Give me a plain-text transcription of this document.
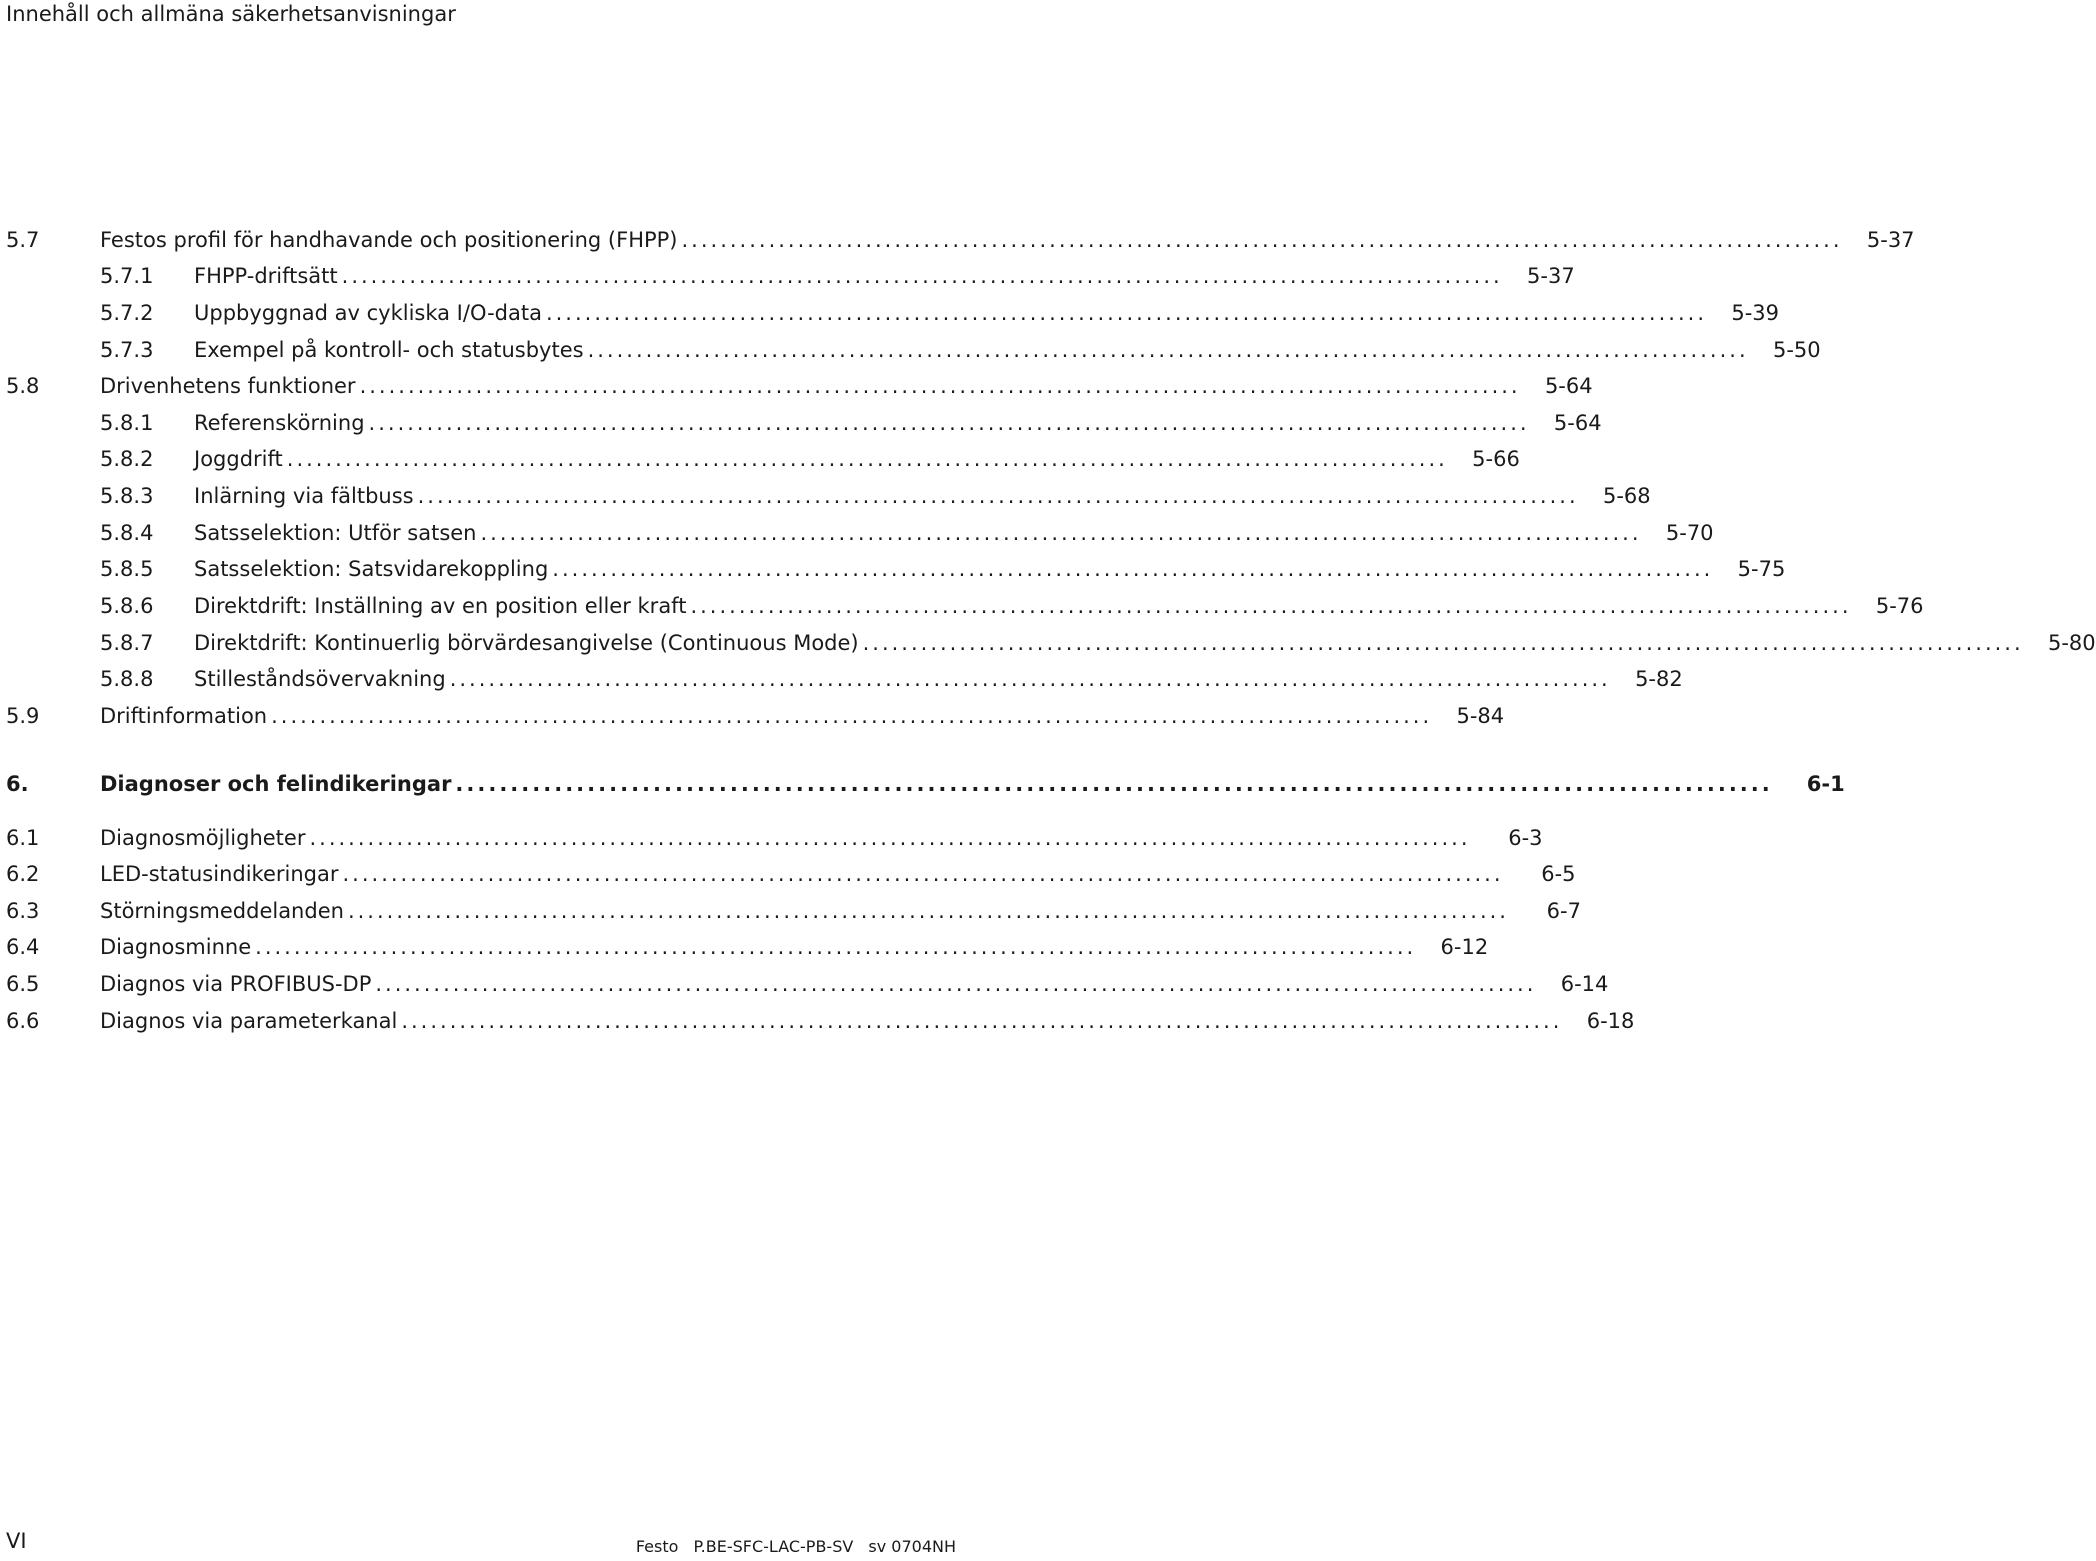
Innehåll och allmäna säkerhetsanvisningar
5.7	Festos profil för handhavande och positionering (FHPP) ........................................................................................................................	5-37
5.7.1 FHPP-driftsätt ........................................................................................................................	5-37
5.7.2 Uppbyggnad av cykliska I/O-data ........................................................................................................................	5-39
5.7.3 Exempel på kontroll- och statusbytes ........................................................................................................................	5-50
5.8	Drivenhetens funktioner ........................................................................................................................	5-64
5.8.1 Referenskörning ........................................................................................................................	5-64
5.8.2 Joggdrift ........................................................................................................................	5-66
5.8.3 Inlärning via fältbuss ........................................................................................................................	5-68
5.8.4 Satsselektion: Utför satsen ........................................................................................................................	5-70
5.8.5 Satsselektion: Satsvidarekoppling ........................................................................................................................	5-75
5.8.6 Direktdrift: Inställning av en position eller kraft ........................................................................................................................	5-76
5.8.7 Direktdrift: Kontinuerlig börvärdesangivelse (Continuous Mode) ........................................................................................................................	5-80
5.8.8 Stilleståndsövervakning ........................................................................................................................	5-82
5.9	Driftinformation ........................................................................................................................	5-84
6.	Diagnoser och felindikeringar ........................................................................................................................	6-1
6.1	Diagnosmöjligheter ........................................................................................................................	6-3
6.2	LED-statusindikeringar ........................................................................................................................	6-5
6.3	Störningsmeddelanden ........................................................................................................................	6-7
6.4	Diagnosminne ........................................................................................................................	6-12
6.5	Diagnos via PROFIBUS-DP ........................................................................................................................	6-14
6.6	Diagnos via parameterkanal ........................................................................................................................	6-18
VI	Festo P.BE-SFC-LAC-PB-SV sv 0704NH
